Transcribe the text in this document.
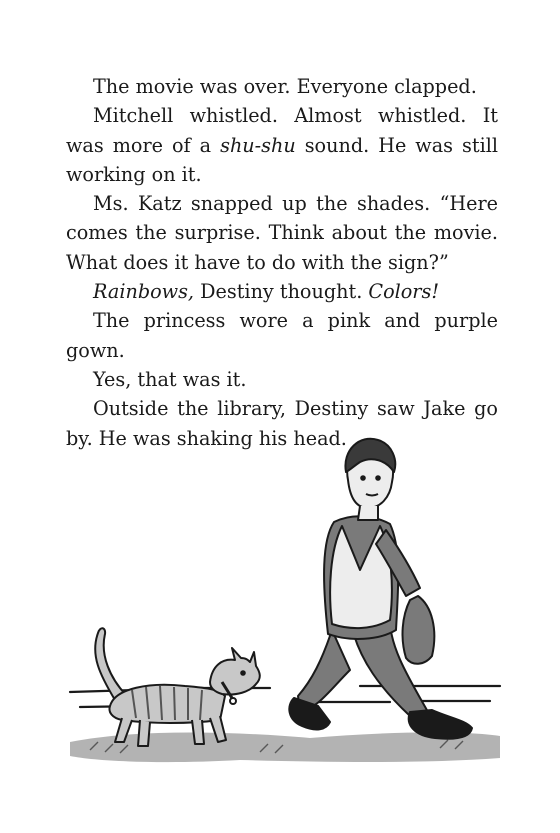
The movie was over. Everyone clapped.

Mitchell whistled. Almost whistled. It was more of a shu-shu sound. He was still working on it.

Ms. Katz snapped up the shades. “Here comes the surprise. Think about the movie. What does it have to do with the sign?”

Rainbows, Destiny thought. Colors!

The princess wore a pink and purple gown.

Yes, that was it.

Outside the library, Destiny saw Jake go by. He was shaking his head.
